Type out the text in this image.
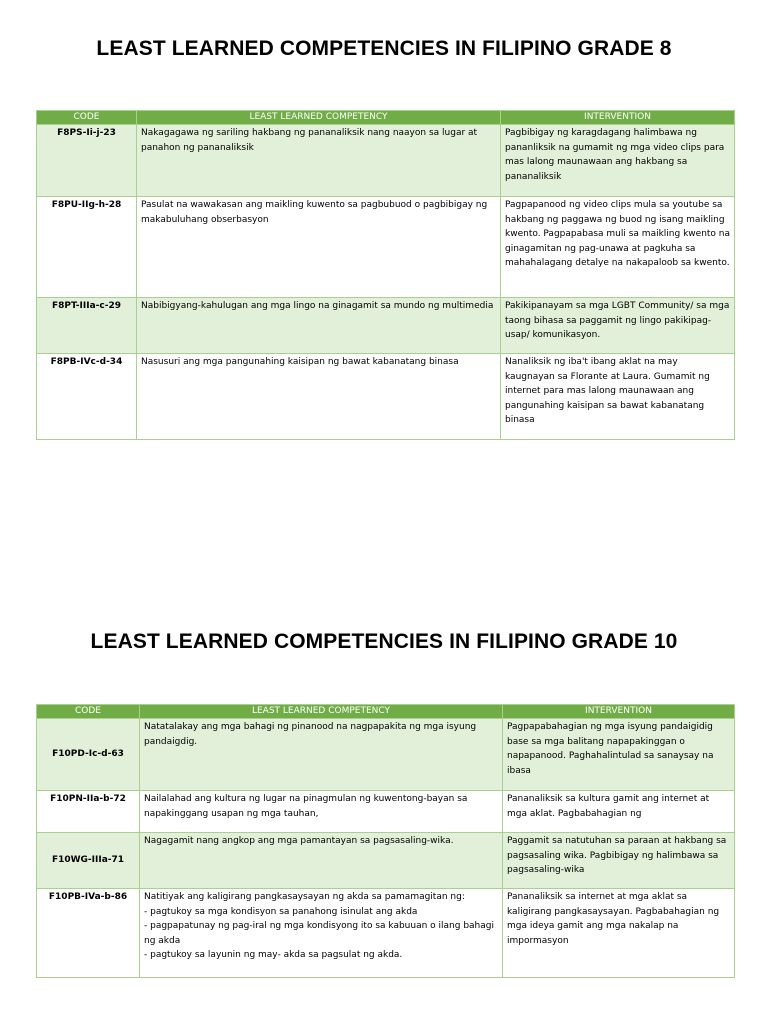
LEAST LEARNED COMPETENCIES IN FILIPINO GRADE 8
CODE	LEAST LEARNED COMPETENCY	INTERVENTION
F8PS-Ii-j-23	Nakagagawa ng sariling hakbang ng pananaliksik nang naayon sa lugar at panahon ng pananaliksik	Pagbibigay ng karagdagang halimbawa ng pananliksik na gumamit ng mga video clips para mas lalong maunawaan ang hakbang sa pananaliksik
F8PU-IIg-h-28	Pasulat na wawakasan ang maikling kuwento sa pagbubuod o pagbibigay ng makabuluhang obserbasyon	Pagpapanood ng video clips mula sa youtube sa hakbang ng paggawa ng buod ng isang maikling kwento. Pagpapabasa muli sa maikling kwento na ginagamitan ng pag-unawa at pagkuha sa mahahalagang detalye na nakapaloob sa kwento.
F8PT-IIIa-c-29	Nabibigyang-kahulugan ang mga lingo na ginagamit sa mundo ng multimedia	Pakikipanayam sa mga LGBT Community/ sa mga taong bihasa sa paggamit ng lingo pakikipag-usap/ komunikasyon.
F8PB-IVc-d-34	Nasusuri ang mga pangunahing kaisipan ng bawat kabanatang binasa	Nanaliksik ng iba't ibang aklat na may kaugnayan sa Florante at Laura. Gumamit ng internet para mas lalong maunawaan ang pangunahing kaisipan sa bawat kabanatang binasa
LEAST LEARNED COMPETENCIES IN FILIPINO GRADE 10
CODE	LEAST LEARNED COMPETENCY	INTERVENTION
F10PD-Ic-d-63	Natatalakay ang mga bahagi ng pinanood na nagpapakita ng mga isyung pandaigdig.	Pagpapabahagian ng mga isyung pandaigidig base sa mga balitang napapakinggan o napapanood. Paghahalintulad sa sanaysay na ibasa
F10PN-IIa-b-72	Nailalahad ang kultura ng lugar na pinagmulan ng kuwentong-bayan sa napakinggang usapan ng mga tauhan,	Pananaliksik sa kultura gamit ang internet at mga aklat. Pagbabahagian ng
F10WG-IIIa-71	Nagagamit nang angkop ang mga pamantayan sa pagsasaling-wika.	Paggamit sa natutuhan sa paraan at hakbang sa pagsasaling wika. Pagbibigay ng halimbawa sa pagsasaling-wika
F10PB-IVa-b-86	Natitiyak ang kaligirang pangkasaysayan ng akda sa pamamagitan ng:
- pagtukoy sa mga kondisyon sa panahong isinulat ang akda
- pagpapatunay ng pag-iral ng mga kondisyong ito sa kabuuan o ilang bahagi ng akda
- pagtukoy sa layunin ng may- akda sa pagsulat ng akda.	Pananaliksik sa internet at mga aklat sa kaligirang pangkasaysayan. Pagbabahagian ng mga ideya gamit ang mga nakalap na impormasyon
